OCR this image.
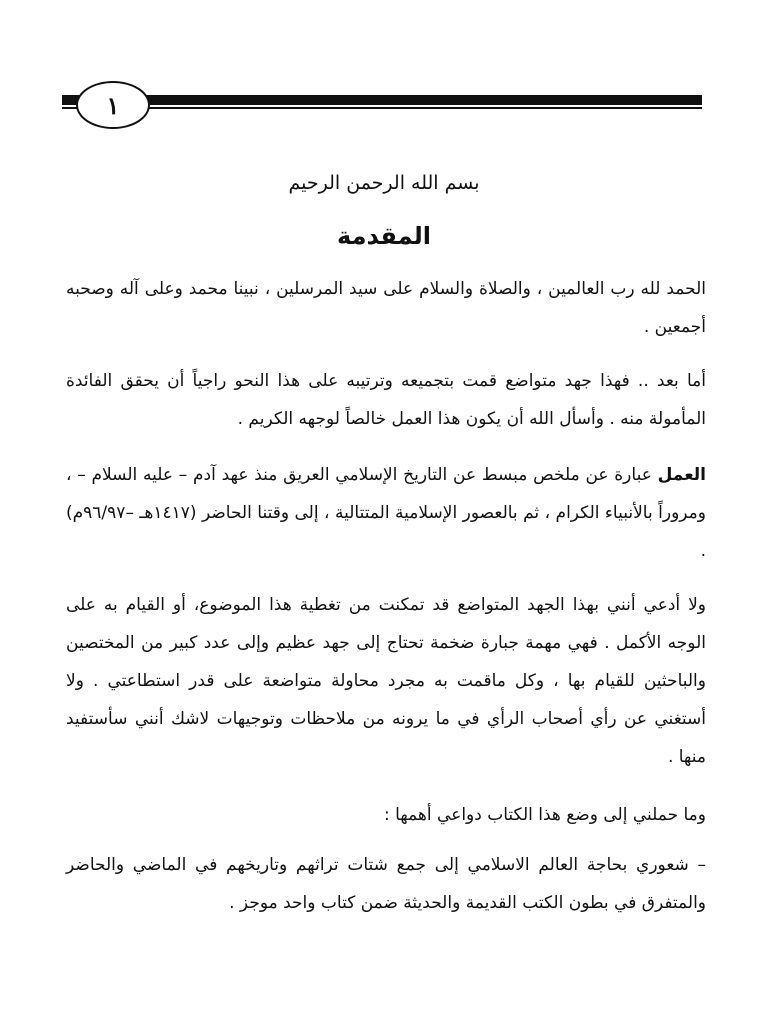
١
بسم الله الرحمن الرحيم
المقدمة

الحمد لله رب العالمين ، والصلاة والسلام على سيد المرسلين ، نبينا محمد وعلى آله وصحبه أجمعين .

أما بعد .. فهذا جهد متواضع قمت بتجميعه وترتيبه على هذا النحو راجياً أن يحقق الفائدة المأمولة منه . وأسأل الله أن يكون هذا العمل خالصاً لوجهه الكريم .

العمل عبارة عن ملخص مبسط عن التاريخ الإسلامي العريق منذ عهد آدم – عليه السلام – ، ومروراً بالأنبياء الكرام ، ثم بالعصور الإسلامية المتتالية ، إلى وقتنا الحاضر (١٤١٧هـ –٩٦/٩٧م) .

ولا أدعي أنني بهذا الجهد المتواضع قد تمكنت من تغطية هذا الموضوع، أو القيام به على الوجه الأكمل . فهي مهمة جبارة ضخمة تحتاج إلى جهد عظيم وإلى عدد كبير من المختصين والباحثين للقيام بها ، وكل ماقمت به مجرد محاولة متواضعة على قدر استطاعتي . ولا أستغني عن رأي أصحاب الرأي في ما يرونه من ملاحظات وتوجيهات لاشك أنني سأستفيد منها .

وما حملني إلى وضع هذا الكتاب دواعي أهمها :

– شعوري بحاجة العالم الاسلامي إلى جمع شتات تراثهم وتاريخهم في الماضي والحاضر والمتفرق في بطون الكتب القديمة والحديثة ضمن كتاب واحد موجز .
